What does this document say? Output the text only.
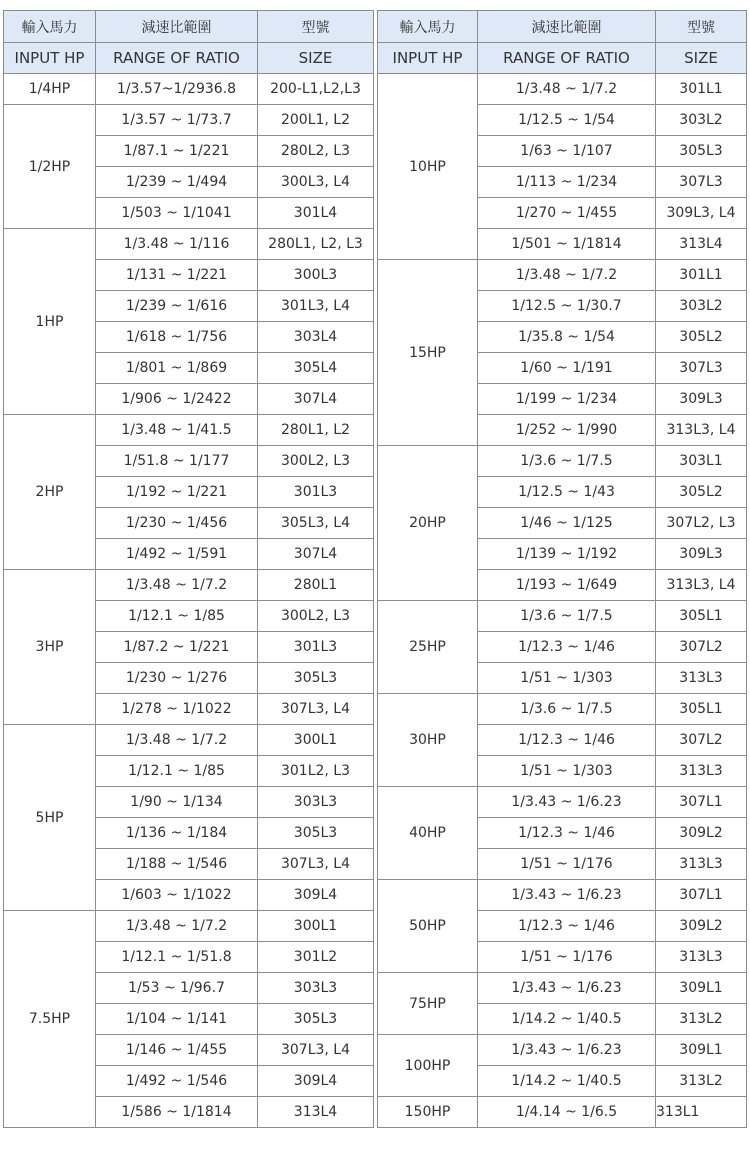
輸入馬力	減速比範圍	型號
INPUT HP	RANGE OF RATIO	SIZE
1/4HP	1/3.57~1/2936.8	200-L1,L2,L3
1/2HP	1/3.57 ~ 1/73.7	200L1, L2
	1/87.1 ~ 1/221	280L2, L3
	1/239 ~ 1/494	300L3, L4
	1/503 ~ 1/1041	301L4
1HP	1/3.48 ~ 1/116	280L1, L2, L3
	1/131 ~ 1/221	300L3
	1/239 ~ 1/616	301L3, L4
	1/618 ~ 1/756	303L4
	1/801 ~ 1/869	305L4
	1/906 ~ 1/2422	307L4
2HP	1/3.48 ~ 1/41.5	280L1, L2
	1/51.8 ~ 1/177	300L2, L3
	1/192 ~ 1/221	301L3
	1/230 ~ 1/456	305L3, L4
	1/492 ~ 1/591	307L4
3HP	1/3.48 ~ 1/7.2	280L1
	1/12.1 ~ 1/85	300L2, L3
	1/87.2 ~ 1/221	301L3
	1/230 ~ 1/276	305L3
	1/278 ~ 1/1022	307L3, L4
5HP	1/3.48 ~ 1/7.2	300L1
	1/12.1 ~ 1/85	301L2, L3
	1/90 ~ 1/134	303L3
	1/136 ~ 1/184	305L3
	1/188 ~ 1/546	307L3, L4
	1/603 ~ 1/1022	309L4
7.5HP	1/3.48 ~ 1/7.2	300L1
	1/12.1 ~ 1/51.8	301L2
	1/53 ~ 1/96.7	303L3
	1/104 ~ 1/141	305L3
	1/146 ~ 1/455	307L3, L4
	1/492 ~ 1/546	309L4
	1/586 ~ 1/1814	313L4
輸入馬力	減速比範圍	型號
INPUT HP	RANGE OF RATIO	SIZE
10HP	1/3.48 ~ 1/7.2	301L1
	1/12.5 ~ 1/54	303L2
	1/63 ~ 1/107	305L3
	1/113 ~ 1/234	307L3
	1/270 ~ 1/455	309L3, L4
	1/501 ~ 1/1814	313L4
15HP	1/3.48 ~ 1/7.2	301L1
	1/12.5 ~ 1/30.7	303L2
	1/35.8 ~ 1/54	305L2
	1/60 ~ 1/191	307L3
	1/199 ~ 1/234	309L3
	1/252 ~ 1/990	313L3, L4
20HP	1/3.6 ~ 1/7.5	303L1
	1/12.5 ~ 1/43	305L2
	1/46 ~ 1/125	307L2, L3
	1/139 ~ 1/192	309L3
	1/193 ~ 1/649	313L3, L4
25HP	1/3.6 ~ 1/7.5	305L1
	1/12.3 ~ 1/46	307L2
	1/51 ~ 1/303	313L3
30HP	1/3.6 ~ 1/7.5	305L1
	1/12.3 ~ 1/46	307L2
	1/51 ~ 1/303	313L3
40HP	1/3.43 ~ 1/6.23	307L1
	1/12.3 ~ 1/46	309L2
	1/51 ~ 1/176	313L3
50HP	1/3.43 ~ 1/6.23	307L1
	1/12.3 ~ 1/46	309L2
	1/51 ~ 1/176	313L3
75HP	1/3.43 ~ 1/6.23	309L1
	1/14.2 ~ 1/40.5	313L2
100HP	1/3.43 ~ 1/6.23	309L1
	1/14.2 ~ 1/40.5	313L2
150HP	1/4.14 ~ 1/6.5	313L1
